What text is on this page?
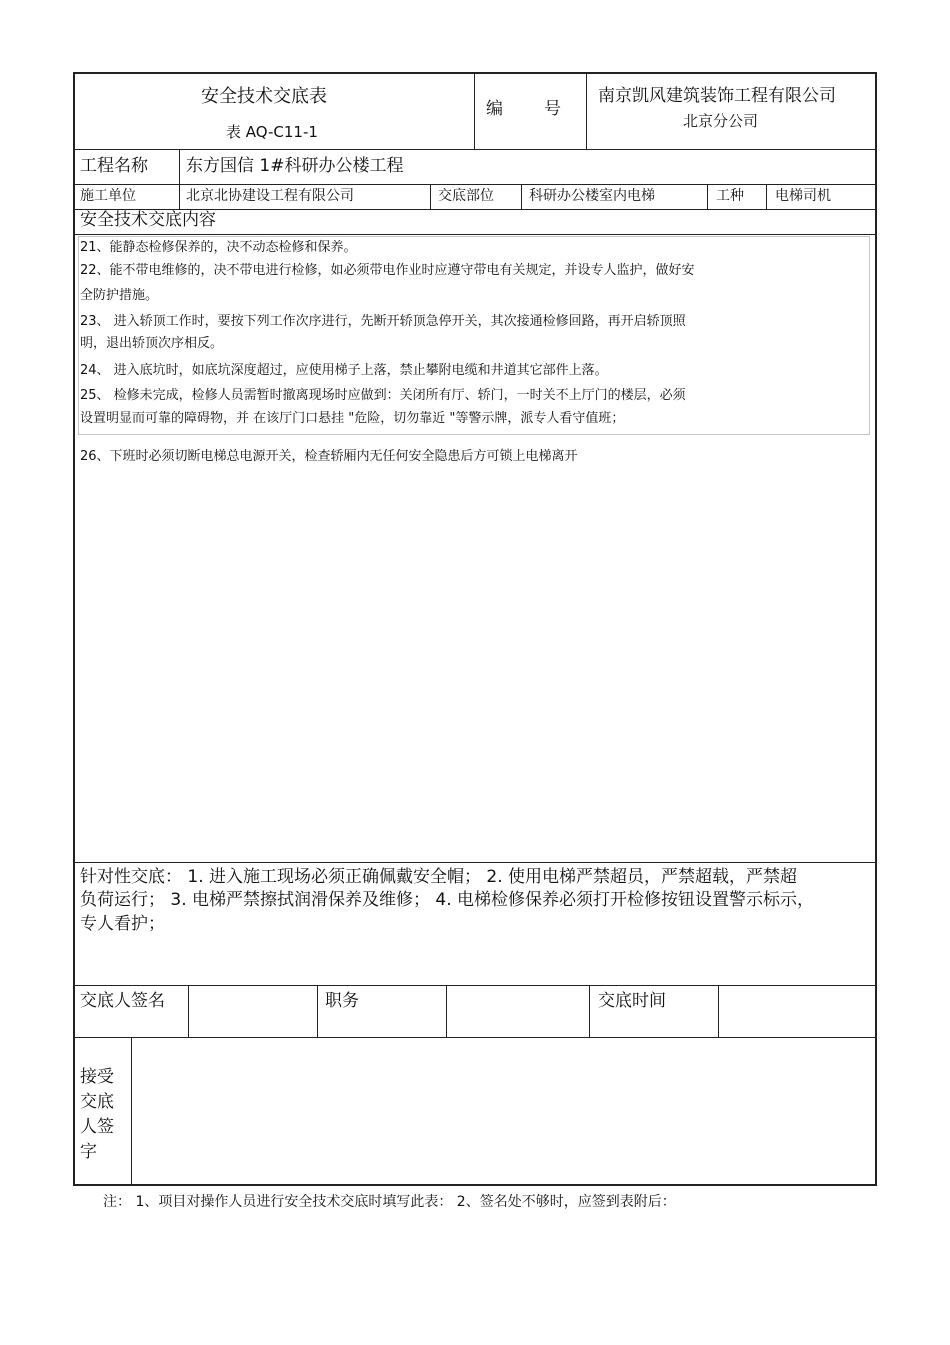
安全技术交底表
表 AQ-C11-1
编 号
南京凯风建筑装饰工程有限公司
北京分公司
工程名称 东方国信 1#科研办公楼工程
施工单位	北京北协建设工程有限公司	交底部位	科研办公楼室内电梯	工种 电梯司机
安全技术交底内容
21、能静态检修保养的，决不动态检修和保养。
22、能不带电维修的，决不带电进行检修，如必须带电作业时应遵守带电有关规定，并设专人监护，做好安
全防护措施。
23、 进入轿顶工作时，要按下列工作次序进行，先断开轿顶急停开关，其次接通检修回路，再开启轿顶照
明，退出轿顶次序相反。
24、 进入底坑时，如底坑深度超过，应使用梯子上落，禁止攀附电缆和井道其它部件上落。
25、 检修未完成，检修人员需暂时撤离现场时应做到：关闭所有厅、轿门，一时关不上厅门的楼层，必须
设置明显而可靠的障碍物，并 在该厅门口悬挂 "危险，切勿靠近 "等警示牌，派专人看守值班；
26、下班时必须切断电梯总电源开关，检查轿厢内无任何安全隐患后方可锁上电梯离开
针对性交底： 1. 进入施工现场必须正确佩戴安全帽； 2. 使用电梯严禁超员，严禁超载，严禁超
负荷运行； 3. 电梯严禁擦拭润滑保养及维修； 4. 电梯检修保养必须打开检修按钮设置警示标示，
专人看护；
交底人签名	职务	交底时间
接受
交底
人签
字
注： 1、项目对操作人员进行安全技术交底时填写此表： 2、签名处不够时，应签到表附后：
